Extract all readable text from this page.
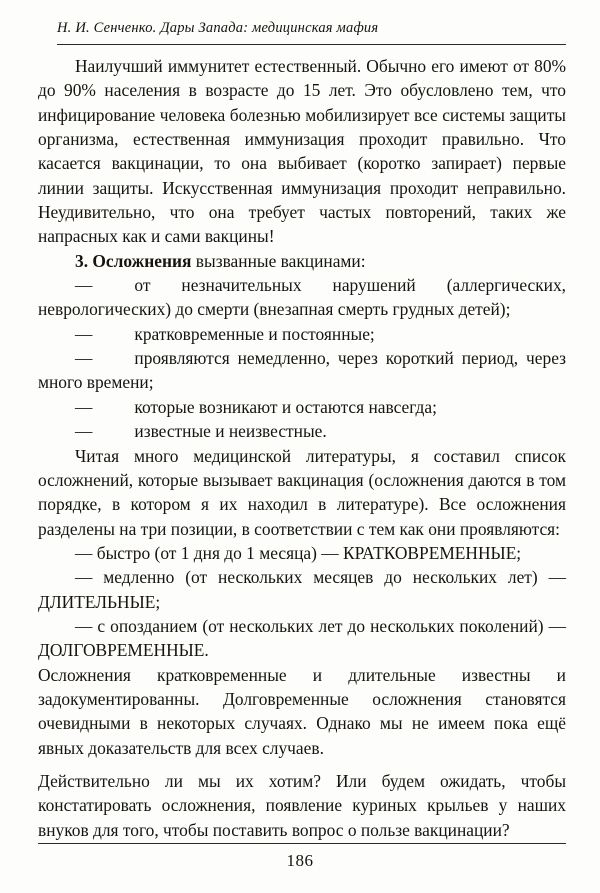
Н. И. Сенченко. Дары Запада: медицинская мафия

Наилучший иммунитет естественный. Обычно его имеют от 80% до 90% населения в возрасте до 15 лет. Это обусловлено тем, что инфицирование человека болезнью мобилизирует все системы защиты организма, естественная иммунизация проходит правильно. Что касается вакцинации, то она выбивает (коротко запирает) первые линии защиты. Искусственная иммунизация проходит неправильно. Неудивительно, что она требует частых повторений, таких же напрасных как и сами вакцины!

3. Осложнения вызванные вакцинами:

— от незначительных нарушений (аллергических, неврологических) до смерти (внезапная смерть грудных детей);

— кратковременные и постоянные;

— проявляются немедленно, через короткий период, через много времени;

— которые возникают и остаются навсегда;

— известные и неизвестные.

Читая много медицинской литературы, я составил список осложнений, которые вызывает вакцинация (осложнения даются в том порядке, в котором я их находил в литературе). Все осложнения разделены на три позиции, в соответствии с тем как они проявляются:

— быстро (от 1 дня до 1 месяца) — КРАТКОВРЕМЕННЫЕ;

— медленно (от нескольких месяцев до нескольких лет) — ДЛИТЕЛЬНЫЕ;

— с опозданием (от нескольких лет до нескольких поколений) — ДОЛГОВРЕМЕННЫЕ.

Осложнения кратковременные и длительные известны и задокументированны. Долговременные осложнения становятся очевидными в некоторых случаях. Однако мы не имеем пока ещё явных доказательств для всех случаев.

Действительно ли мы их хотим? Или будем ожидать, чтобы констатировать осложнения, появление куриных крыльев у наших внуков для того, чтобы поставить вопрос о пользе вакцинации?

186
